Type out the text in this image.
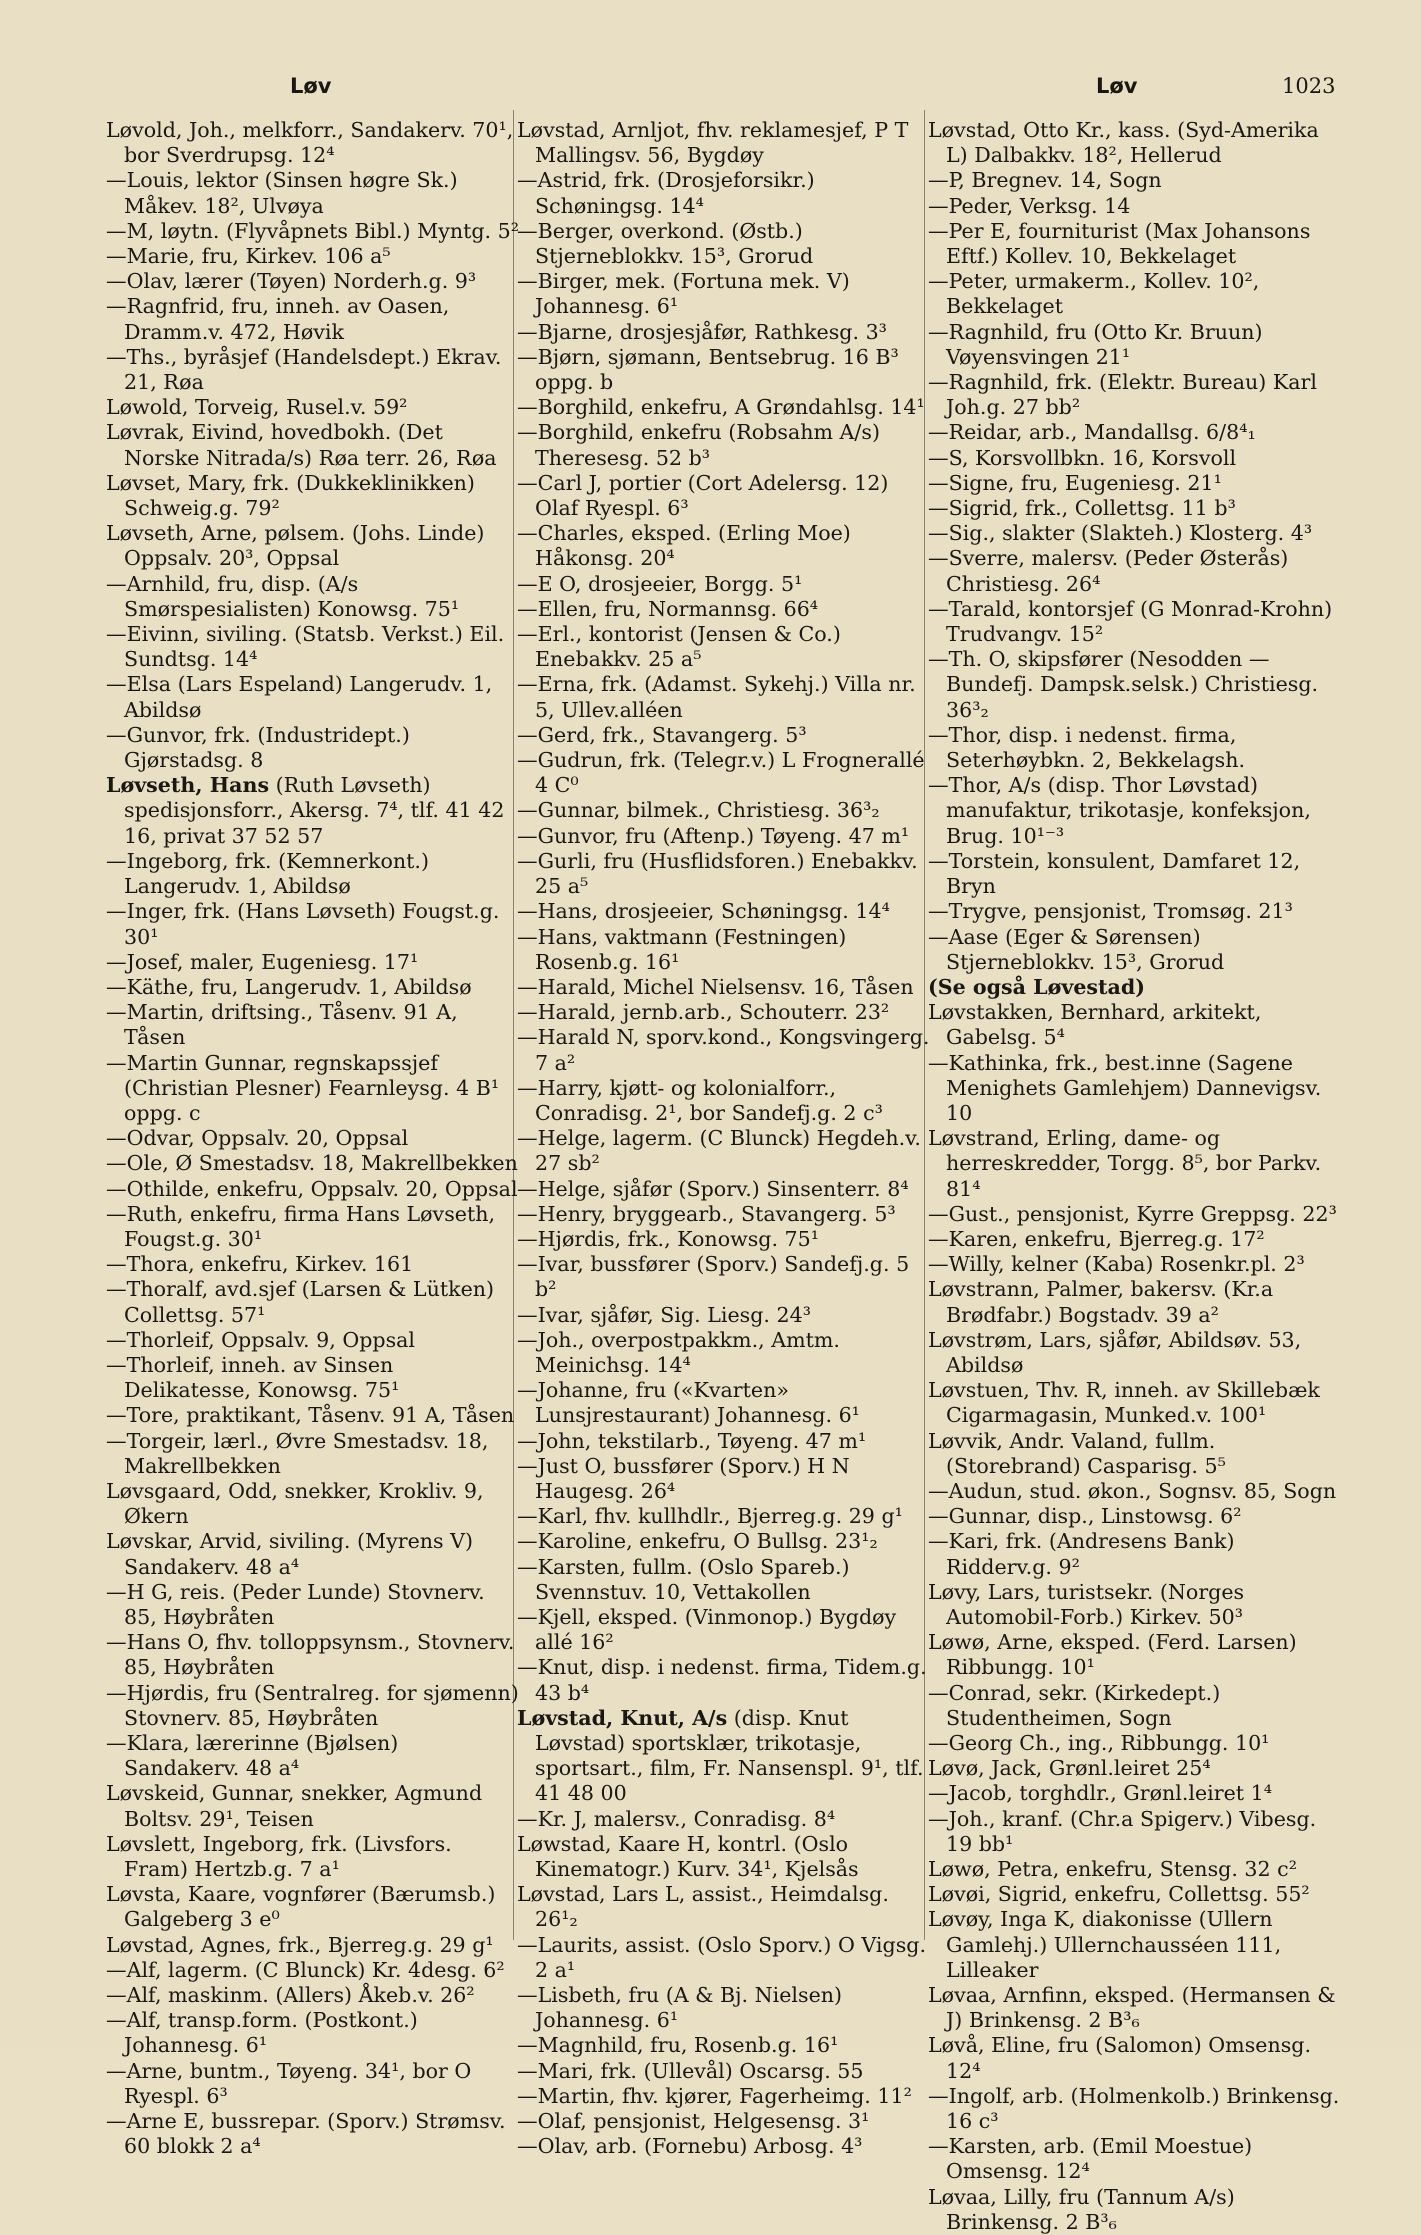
Løv	Løv	1023

Løvold, Joh., melkforr., Sandakerv. 70¹, bor Sverdrupsg. 12⁴

—Louis, lektor (Sinsen høgre Sk.) Måkev. 18², Ulvøya

—M, løytn. (Flyvåpnets Bibl.) Myntg. 5²

—Marie, fru, Kirkev. 106 a⁵

—Olav, lærer (Tøyen) Norderh.g. 9³

—Ragnfrid, fru, inneh. av Oasen, Dramm.v. 472, Høvik

—Ths., byråsjef (Handelsdept.) Ekrav. 21, Røa

Løwold, Torveig, Rusel.v. 59²

Løvrak, Eivind, hovedbokh. (Det Norske Nitrada/s) Røa terr. 26, Røa

Løvset, Mary, frk. (Dukkeklinikken) Schweig.g. 79²

Løvseth, Arne, pølsem. (Johs. Linde) Oppsalv. 20³, Oppsal

—Arnhild, fru, disp. (A/s Smørspesialisten) Konowsg. 75¹

—Eivinn, siviling. (Statsb. Verkst.) Eil. Sundtsg. 14⁴

—Elsa (Lars Espeland) Langerudv. 1, Abildsø

—Gunvor, frk. (Industridept.) Gjørstadsg. 8

Løvseth, Hans (Ruth Løvseth) spedisjonsforr., Akersg. 7⁴, tlf. 41 42 16, privat 37 52 57

—Ingeborg, frk. (Kemnerkont.) Langerudv. 1, Abildsø

—Inger, frk. (Hans Løvseth) Fougst.g. 30¹

—Josef, maler, Eugeniesg. 17¹

—Käthe, fru, Langerudv. 1, Abildsø

—Martin, driftsing., Tåsenv. 91 A, Tåsen

—Martin Gunnar, regnskapssjef (Christian Plesner) Fearnleysg. 4 B¹ oppg. c

—Odvar, Oppsalv. 20, Oppsal

—Ole, Ø Smestadsv. 18, Makrellbekken

—Othilde, enkefru, Oppsalv. 20, Oppsal

—Ruth, enkefru, firma Hans Løvseth, Fougst.g. 30¹

—Thora, enkefru, Kirkev. 161

—Thoralf, avd.sjef (Larsen & Lütken) Collettsg. 57¹

—Thorleif, Oppsalv. 9, Oppsal

—Thorleif, inneh. av Sinsen Delikatesse, Konowsg. 75¹

—Tore, praktikant, Tåsenv. 91 A, Tåsen

—Torgeir, lærl., Øvre Smestadsv. 18, Makrellbekken

Løvsgaard, Odd, snekker, Krokliv. 9, Økern

Løvskar, Arvid, siviling. (Myrens V) Sandakerv. 48 a⁴

—H G, reis. (Peder Lunde) Stovnerv. 85, Høybråten

—Hans O, fhv. tolloppsynsm., Stovnerv. 85, Høybråten

—Hjørdis, fru (Sentralreg. for sjømenn) Stovnerv. 85, Høybråten

—Klara, lærerinne (Bjølsen) Sandakerv. 48 a⁴

Løvskeid, Gunnar, snekker, Agmund Boltsv. 29¹, Teisen

Løvslett, Ingeborg, frk. (Livsfors. Fram) Hertzb.g. 7 a¹

Løvsta, Kaare, vognfører (Bærumsb.) Galgeberg 3 e⁰

Løvstad, Agnes, frk., Bjerreg.g. 29 g¹

—Alf, lagerm. (C Blunck) Kr. 4desg. 6²

—Alf, maskinm. (Allers) Åkeb.v. 26²

—Alf, transp.form. (Postkont.) Johannesg. 6¹

—Arne, buntm., Tøyeng. 34¹, bor O Ryespl. 6³

—Arne E, bussrepar. (Sporv.) Strømsv. 60 blokk 2 a⁴

Løvstad, Arnljot, fhv. reklamesjef, P T Mallingsv. 56, Bygdøy

—Astrid, frk. (Drosjeforsikr.) Schøningsg. 14⁴

—Berger, overkond. (Østb.) Stjerneblokkv. 15³, Grorud

—Birger, mek. (Fortuna mek. V) Johannesg. 6¹

—Bjarne, drosjesjåfør, Rathkesg. 3³

—Bjørn, sjømann, Bentsebrug. 16 B³ oppg. b

—Borghild, enkefru, A Grøndahlsg. 14¹

—Borghild, enkefru (Robsahm A/s) Theresesg. 52 b³

—Carl J, portier (Cort Adelersg. 12) Olaf Ryespl. 6³

—Charles, eksped. (Erling Moe) Håkonsg. 20⁴

—E O, drosjeeier, Borgg. 5¹

—Ellen, fru, Normannsg. 66⁴

—Erl., kontorist (Jensen & Co.) Enebakkv. 25 a⁵

—Erna, frk. (Adamst. Sykehj.) Villa nr. 5, Ullev.alléen

—Gerd, frk., Stavangerg. 5³

—Gudrun, frk. (Telegr.v.) L Frognerallé 4 C⁰

—Gunnar, bilmek., Christiesg. 36³₂

—Gunvor, fru (Aftenp.) Tøyeng. 47 m¹

—Gurli, fru (Husflidsforen.) Enebakkv. 25 a⁵

—Hans, drosjeeier, Schøningsg. 14⁴

—Hans, vaktmann (Festningen) Rosenb.g. 16¹

—Harald, Michel Nielsensv. 16, Tåsen

—Harald, jernb.arb., Schouterr. 23²

—Harald N, sporv.kond., Kongsvingerg. 7 a²

—Harry, kjøtt- og kolonialforr., Conradisg. 2¹, bor Sandefj.g. 2 c³

—Helge, lagerm. (C Blunck) Hegdeh.v. 27 sb²

—Helge, sjåfør (Sporv.) Sinsenterr. 8⁴

—Henry, bryggearb., Stavangerg. 5³

—Hjørdis, frk., Konowsg. 75¹

—Ivar, bussfører (Sporv.) Sandefj.g. 5 b²

—Ivar, sjåfør, Sig. Liesg. 24³

—Joh., overpostpakkm., Amtm. Meinichsg. 14⁴

—Johanne, fru («Kvarten» Lunsjrestaurant) Johannesg. 6¹

—John, tekstilarb., Tøyeng. 47 m¹

—Just O, bussfører (Sporv.) H N Haugesg. 26⁴

—Karl, fhv. kullhdlr., Bjerreg.g. 29 g¹

—Karoline, enkefru, O Bullsg. 23¹₂

—Karsten, fullm. (Oslo Spareb.) Svennstuv. 10, Vettakollen

—Kjell, eksped. (Vinmonop.) Bygdøy allé 16²

—Knut, disp. i nedenst. firma, Tidem.g. 43 b⁴

Løvstad, Knut, A/s (disp. Knut Løvstad) sportsklær, trikotasje, sportsart., film, Fr. Nansenspl. 9¹, tlf. 41 48 00

—Kr. J, malersv., Conradisg. 8⁴

Løwstad, Kaare H, kontrl. (Oslo Kinematogr.) Kurv. 34¹, Kjelsås

Løvstad, Lars L, assist., Heimdalsg. 26¹₂

—Laurits, assist. (Oslo Sporv.) O Vigsg. 2 a¹

—Lisbeth, fru (A & Bj. Nielsen) Johannesg. 6¹

—Magnhild, fru, Rosenb.g. 16¹

—Mari, frk. (Ullevål) Oscarsg. 55

—Martin, fhv. kjører, Fagerheimg. 11²

—Olaf, pensjonist, Helgesensg. 3¹

—Olav, arb. (Fornebu) Arbosg. 4³

Løvstad, Otto Kr., kass. (Syd-Amerika L) Dalbakkv. 18², Hellerud

—P, Bregnev. 14, Sogn

—Peder, Verksg. 14

—Per E, fourniturist (Max Johansons Eftf.) Kollev. 10, Bekkelaget

—Peter, urmakerm., Kollev. 10², Bekkelaget

—Ragnhild, fru (Otto Kr. Bruun) Vøyensvingen 21¹

—Ragnhild, frk. (Elektr. Bureau) Karl Joh.g. 27 bb²

—Reidar, arb., Mandallsg. 6/8⁴₁

—S, Korsvollbkn. 16, Korsvoll

—Signe, fru, Eugeniesg. 21¹

—Sigrid, frk., Collettsg. 11 b³

—Sig., slakter (Slakteh.) Klosterg. 4³

—Sverre, malersv. (Peder Østerås) Christiesg. 26⁴

—Tarald, kontorsjef (G Monrad-Krohn) Trudvangv. 15²

—Th. O, skipsfører (Nesodden — Bundefj. Dampsk.selsk.) Christiesg. 36³₂

—Thor, disp. i nedenst. firma, Seterhøybkn. 2, Bekkelagsh.

—Thor, A/s (disp. Thor Løvstad) manufaktur, trikotasje, konfeksjon, Brug. 10¹⁻³

—Torstein, konsulent, Damfaret 12, Bryn

—Trygve, pensjonist, Tromsøg. 21³

—Aase (Eger & Sørensen) Stjerneblokkv. 15³, Grorud

(Se også Løvestad)

Løvstakken, Bernhard, arkitekt, Gabelsg. 5⁴

—Kathinka, frk., best.inne (Sagene Menighets Gamlehjem) Dannevigsv. 10

Løvstrand, Erling, dame- og herreskredder, Torgg. 8⁵, bor Parkv. 81⁴

—Gust., pensjonist, Kyrre Greppsg. 22³

—Karen, enkefru, Bjerreg.g. 17²

—Willy, kelner (Kaba) Rosenkr.pl. 2³

Løvstrann, Palmer, bakersv. (Kr.a Brødfabr.) Bogstadv. 39 a²

Løvstrøm, Lars, sjåfør, Abildsøv. 53, Abildsø

Løvstuen, Thv. R, inneh. av Skillebæk Cigarmagasin, Munked.v. 100¹

Løvvik, Andr. Valand, fullm. (Storebrand) Casparisg. 5⁵

—Audun, stud. økon., Sognsv. 85, Sogn

—Gunnar, disp., Linstowsg. 6²

—Kari, frk. (Andresens Bank) Ridderv.g. 9²

Løvy, Lars, turistsekr. (Norges Automobil-Forb.) Kirkev. 50³

Løwø, Arne, eksped. (Ferd. Larsen) Ribbungg. 10¹

—Conrad, sekr. (Kirkedept.) Studentheimen, Sogn

—Georg Ch., ing., Ribbungg. 10¹

Løvø, Jack, Grønl.leiret 25⁴

—Jacob, torghdlr., Grønl.leiret 1⁴

—Joh., kranf. (Chr.a Spigerv.) Vibesg. 19 bb¹

Løwø, Petra, enkefru, Stensg. 32 c²

Løvøi, Sigrid, enkefru, Collettsg. 55²

Løvøy, Inga K, diakonisse (Ullern Gamlehj.) Ullernchausséen 111, Lilleaker

Løvaa, Arnfinn, eksped. (Hermansen & J) Brinkensg. 2 B³₆

Løvå, Eline, fru (Salomon) Omsensg. 12⁴

—Ingolf, arb. (Holmenkolb.) Brinkensg. 16 c³

—Karsten, arb. (Emil Moestue) Omsensg. 12⁴

Løvaa, Lilly, fru (Tannum A/s) Brinkensg. 2 B³₆
